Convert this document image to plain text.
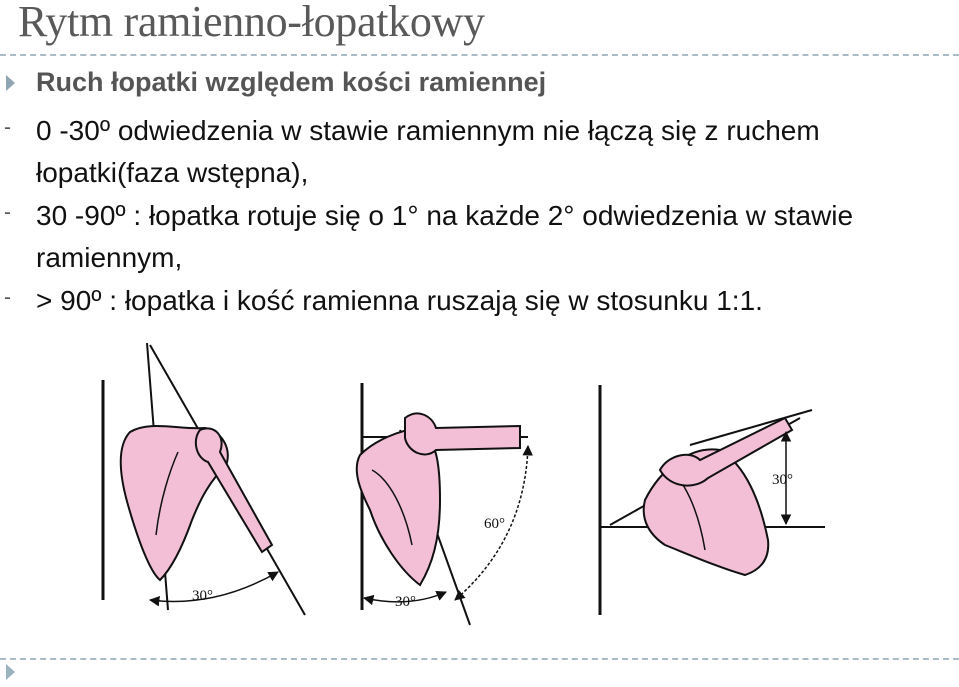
Rytm ramienno-łopatkowy
Ruch łopatki względem kości ramiennej
- 0 -30º odwiedzenia w stawie ramiennym nie łączą się z ruchem łopatki(faza wstępna),
- 30 -90º : łopatka rotuje się o 1° na każde 2° odwiedzenia w stawie ramiennym,
- > 90º : łopatka i kość ramienna ruszają się w stosunku 1:1.
30°
60°
30°
30°
